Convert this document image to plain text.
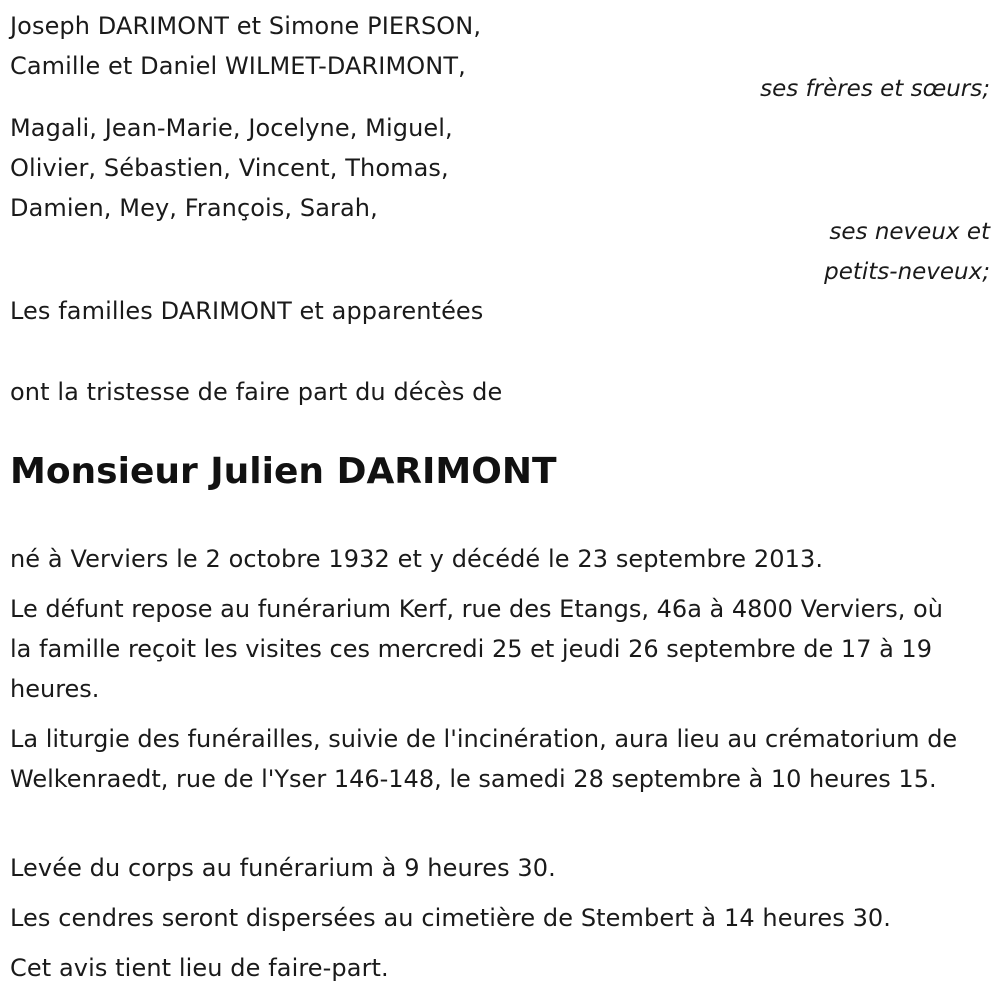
Joseph DARIMONT et Simone PIERSON,
Camille et Daniel WILMET-DARIMONT,
ses frères et sœurs;
Magali, Jean-Marie, Jocelyne, Miguel,
Olivier, Sébastien, Vincent, Thomas,
Damien, Mey, François, Sarah,
ses neveux et
petits-neveux;
Les familles DARIMONT et apparentées
ont la tristesse de faire part du décès de
Monsieur Julien DARIMONT
né à Verviers le 2 octobre 1932 et y décédé le 23 septembre 2013.
Le défunt repose au funérarium Kerf, rue des Etangs, 46a à 4800 Verviers, où la famille reçoit les visites ces mercredi 25 et jeudi 26 septembre de 17 à 19 heures.
La liturgie des funérailles, suivie de l'incinération, aura lieu au crématorium de Welkenraedt, rue de l'Yser 146-148, le samedi 28 septembre à 10 heures 15.
Levée du corps au funérarium à 9 heures 30.
Les cendres seront dispersées au cimetière de Stembert à 14 heures 30.
Cet avis tient lieu de faire-part.
